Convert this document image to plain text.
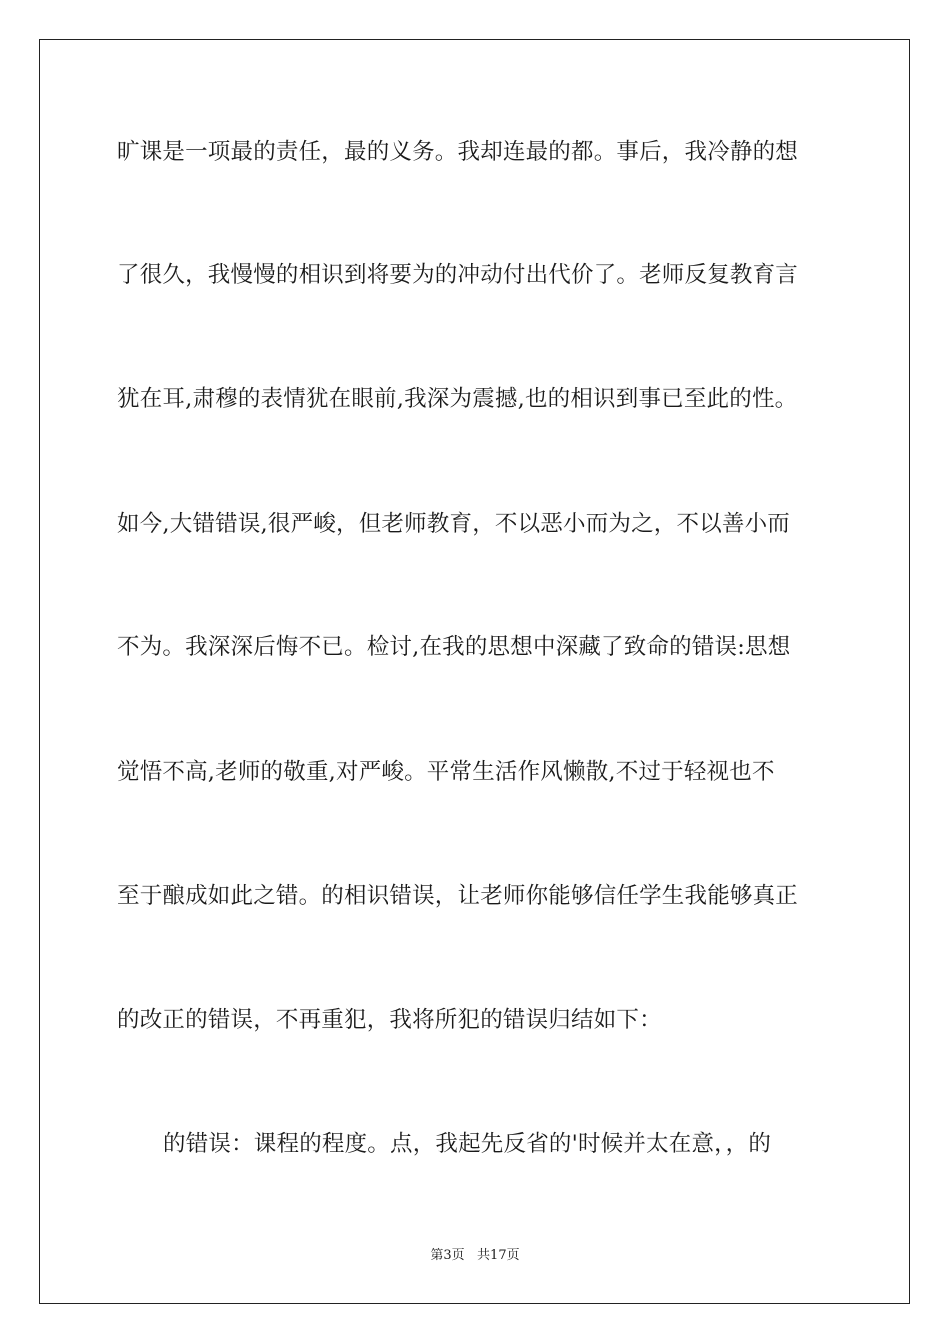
旷课是一项最的责任，最的义务。我却连最的都。事后，我冷静的想
了很久，我慢慢的相识到将要为的冲动付出代价了。老师反复教育言
犹在耳,肃穆的表情犹在眼前,我深为震撼,也的相识到事已至此的性。
如今,大错错误,很严峻，但老师教育，不以恶小而为之，不以善小而
不为。我深深后悔不已。检讨,在我的思想中深藏了致命的错误:思想
觉悟不高,老师的敬重,对严峻。平常生活作风懒散,不过于轻视也不
至于酿成如此之错。的相识错误，让老师你能够信任学生我能够真正
的改正的错误，不再重犯，我将所犯的错误归结如下：
的错误：课程的程度。点，我起先反省的'时候并太在意，，的
第3页   共17页
